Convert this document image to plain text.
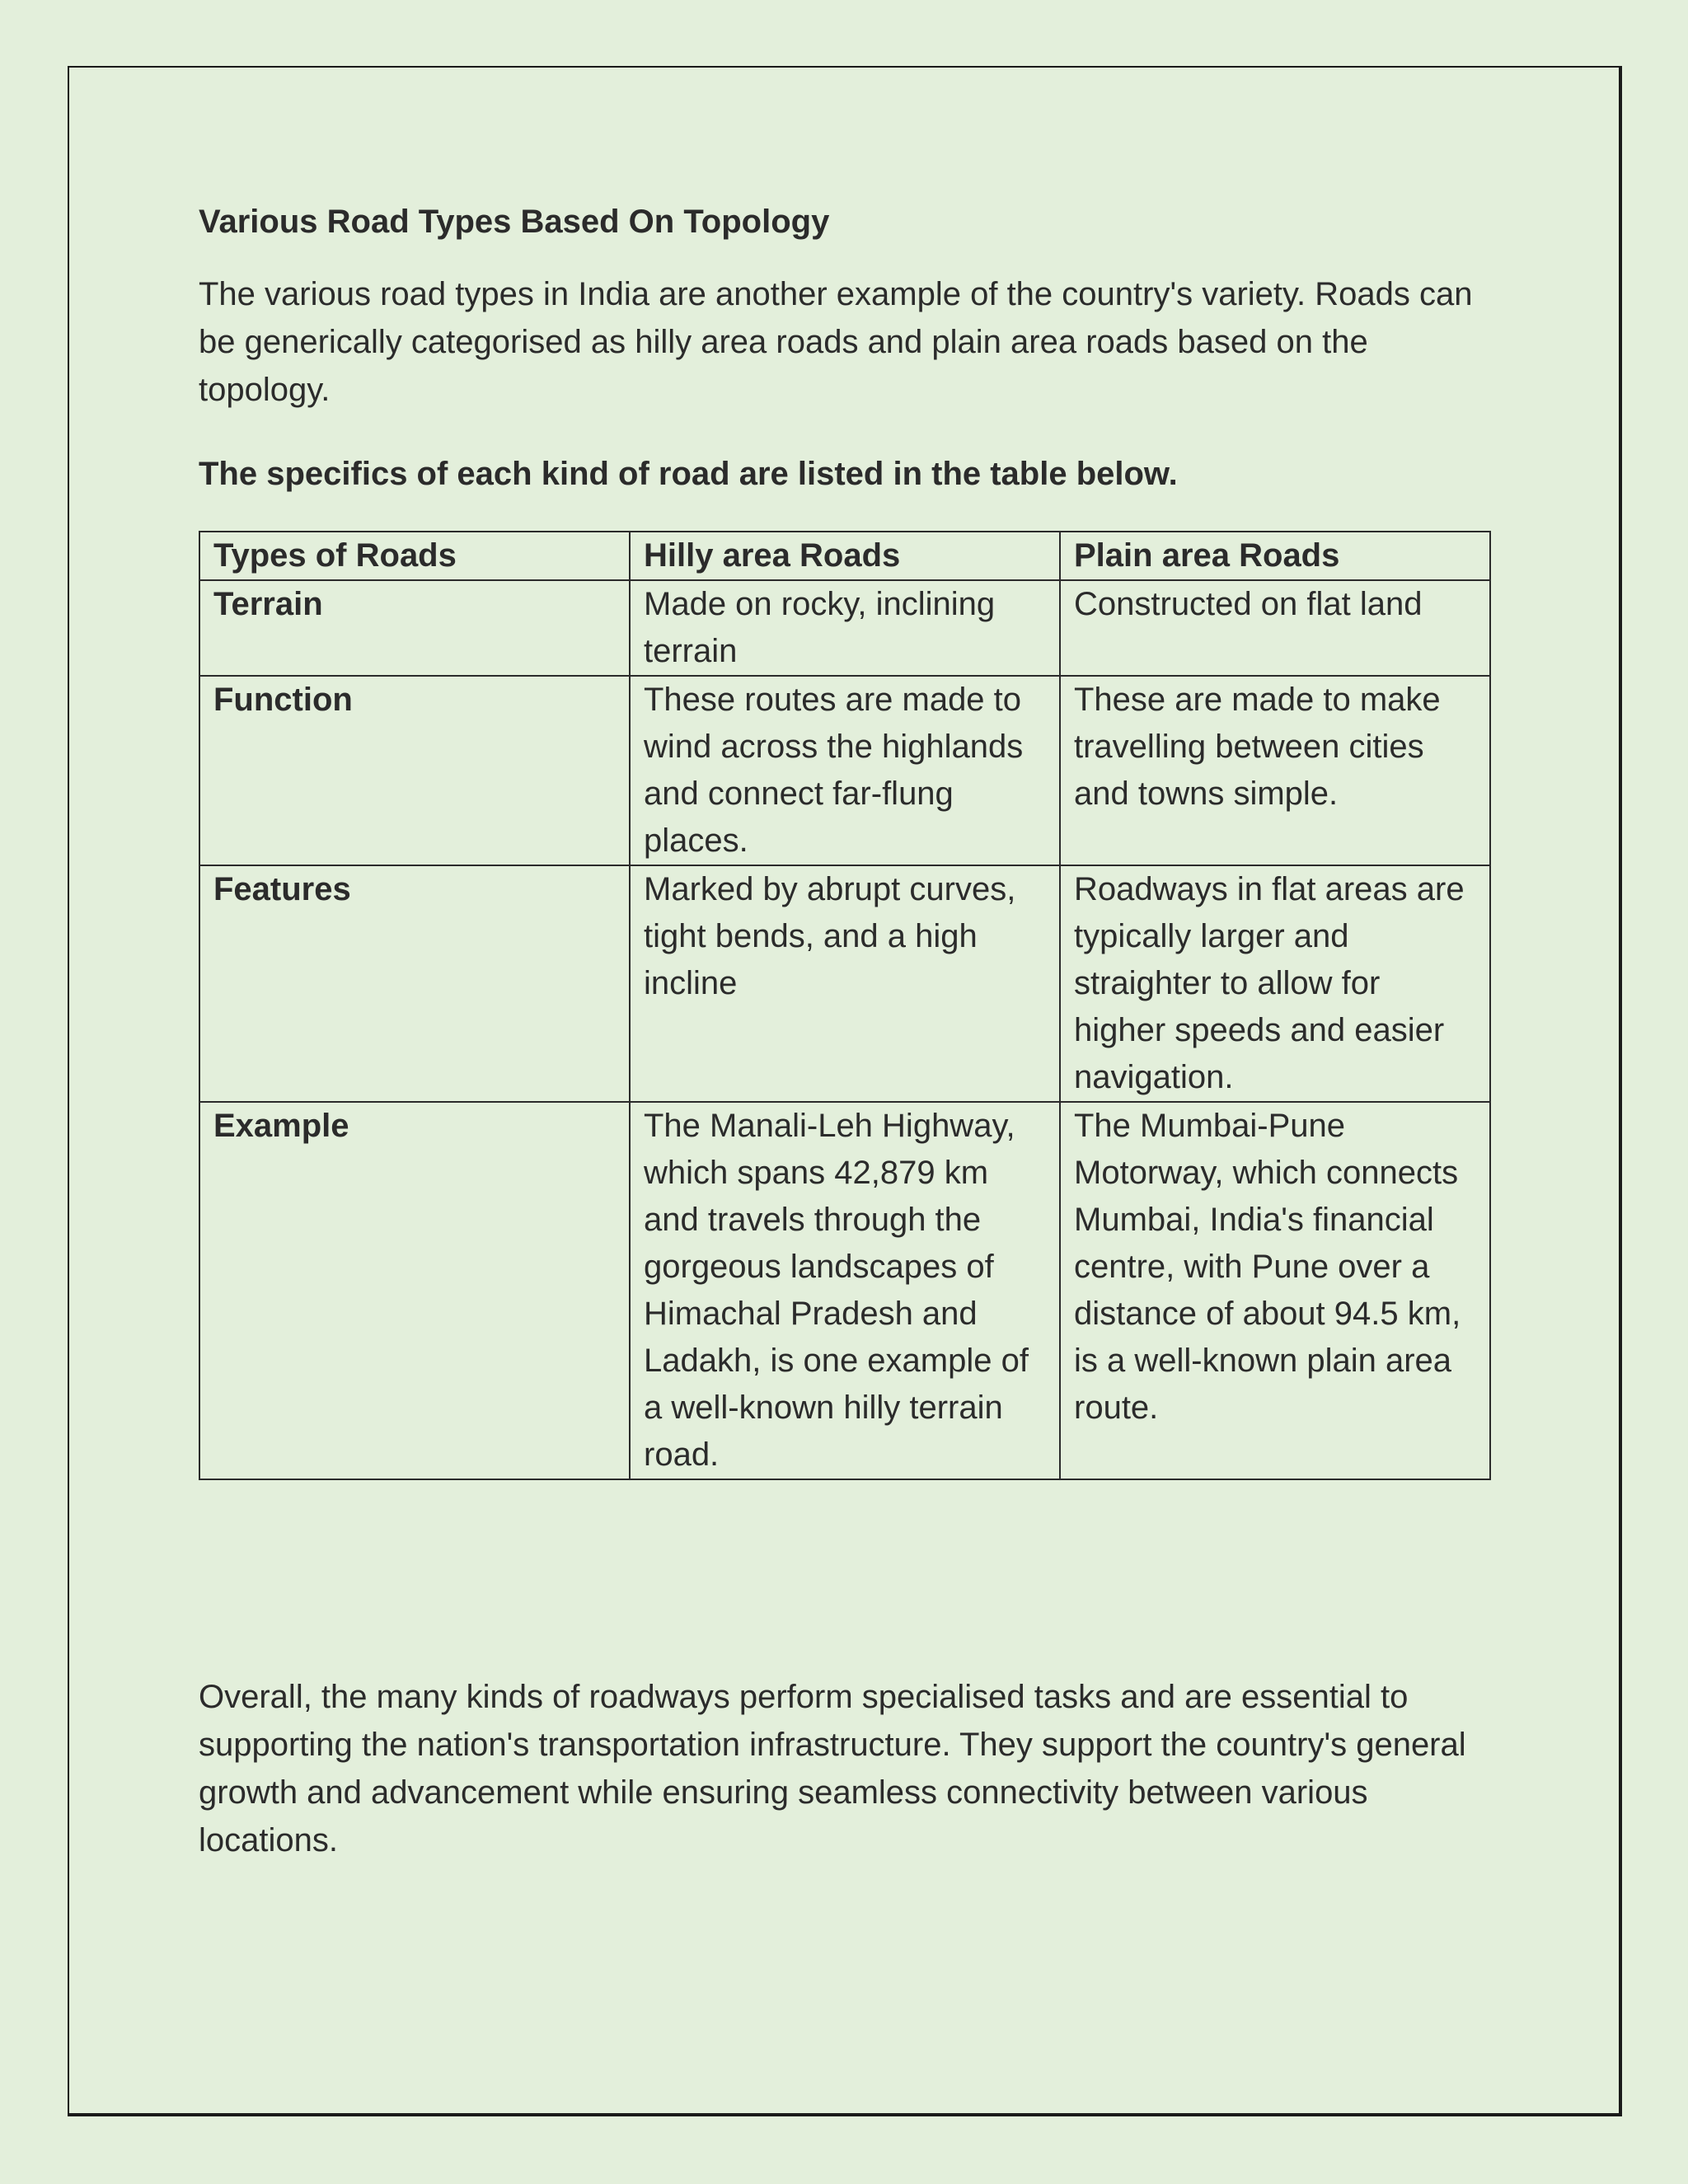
Various Road Types Based On Topology

The various road types in India are another example of the country's variety. Roads can be generically categorised as hilly area roads and plain area roads based on the topology.

The specifics of each kind of road are listed in the table below.

Types of Roads	Hilly area Roads	Plain area Roads
Terrain	Made on rocky, inclining terrain	Constructed on flat land
Function	These routes are made to wind across the highlands and connect far-flung places.	These are made to make travelling between cities and towns simple.
Features	Marked by abrupt curves, tight bends, and a high incline	Roadways in flat areas are typically larger and straighter to allow for higher speeds and easier navigation.
Example	The Manali-Leh Highway, which spans 42,879 km and travels through the gorgeous landscapes of Himachal Pradesh and Ladakh, is one example of a well-known hilly terrain road.	The Mumbai-Pune Motorway, which connects Mumbai, India's financial centre, with Pune over a distance of about 94.5 km, is a well-known plain area route.

Overall, the many kinds of roadways perform specialised tasks and are essential to supporting the nation's transportation infrastructure. They support the country's general growth and advancement while ensuring seamless connectivity between various locations.
